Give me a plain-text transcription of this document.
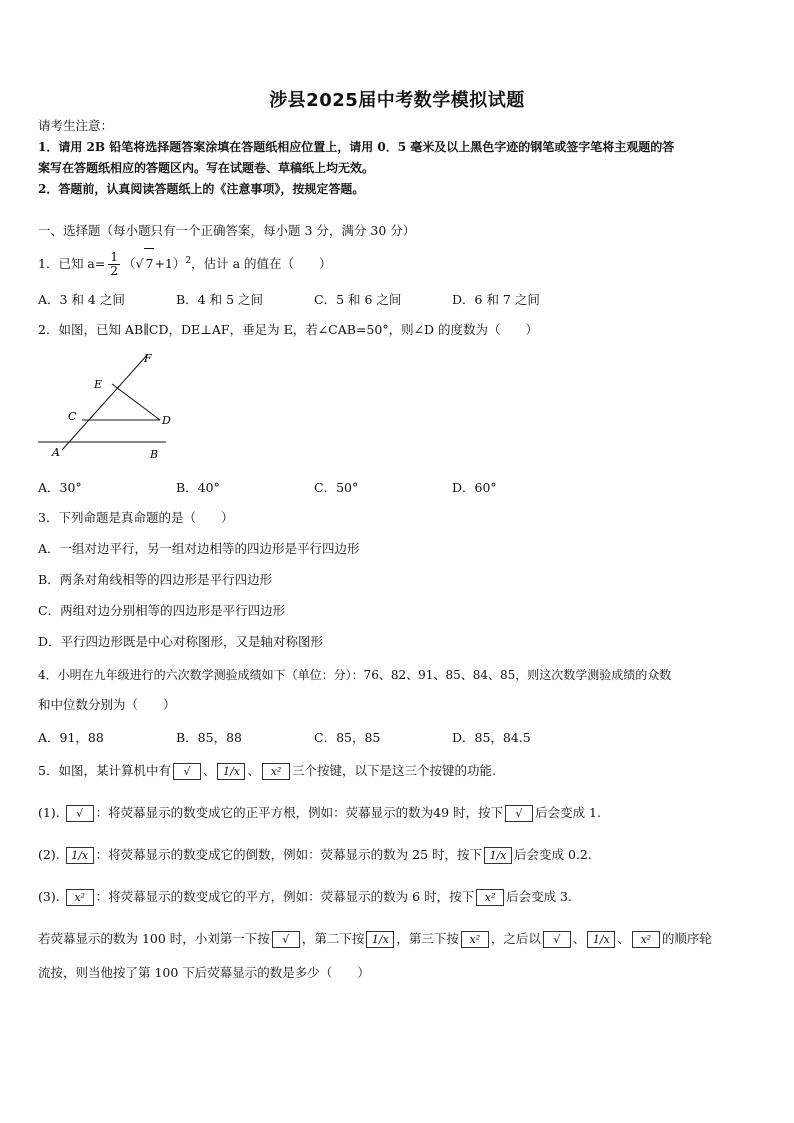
涉县2025届中考数学模拟试题
请考生注意：
1．请用 2B 铅笔将选择题答案涂填在答题纸相应位置上，请用 0．5 毫米及以上黑色字迹的钢笔或签字笔将主观题的答
案写在答题纸相应的答题区内。写在试题卷、草稿纸上均无效。
2．答题前，认真阅读答题纸上的《注意事项》，按规定答题。
一、选择题（每小题只有一个正确答案，每小题 3 分，满分 30 分）
1．已知 $a= \frac{1}{2}$ （√ 7+1）$^2$，估计 a 的值在（　　）
A．3 和 4 之间	B．4 和 5 之间	C．5 和 6 之间	D．6 和 7 之间
2．如图，已知 AB∥CD，DE⊥AF，垂足为 E，若∠CAB=50°，则∠D 的度数为（　　）
F
E
C	D
A	B
A．30°	B．40°	C．50°	D．60°
3．下列命题是真命题的是（　　）
A．一组对边平行，另一组对边相等的四边形是平行四边形
B．两条对角线相等的四边形是平行四边形
C．两组对边分别相等的四边形是平行四边形
D．平行四边形既是中心对称图形，又是轴对称图形
4．小明在九年级进行的六次数学测验成绩如下（单位：分）：76、82、91、85、84、85，则这次数学测验成绩的众数
和中位数分别为（　　）
A．91，88	B．85，88	C．85，85	D．85，84.5
5．如图，某计算机中有 √ 、 1/x 、 x² 三个按键，以下是这三个按键的功能.
(1). √ ：将荧幕显示的数变成它的正平方根，例如：荧幕显示的数为49 时，按下 √ 后会变成 1.
(2). 1/x ：将荧幕显示的数变成它的倒数，例如：荧幕显示的数为 25 时，按下 1/x 后会变成 0.2.
(3). x² ：将荧幕显示的数变成它的平方，例如：荧幕显示的数为 6 时，按下 x² 后会变成 3.
若荧幕显示的数为 100 时，小刘第一下按 √ ，第二下按 1/x ，第三下按 x² ，之后以 √ 、 1/x 、 x² 的顺序轮
流按，则当他按了第 100 下后荧幕显示的数是多少（　　）
